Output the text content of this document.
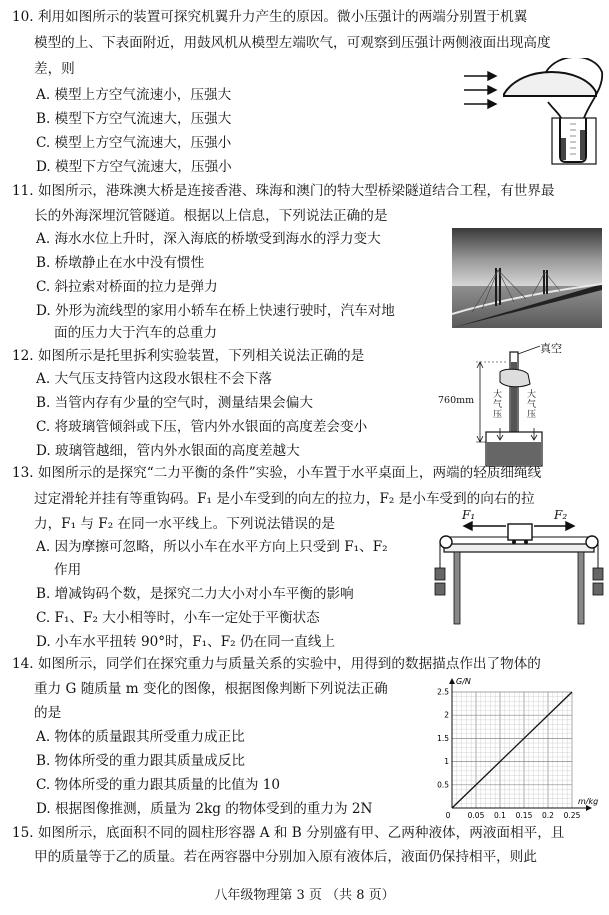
10. 利用如图所示的装置可探究机翼升力产生的原因。微小压强计的两端分别置于机翼
模型的上、下表面附近，用鼓风机从模型左端吹气，可观察到压强计两侧液面出现高度
差，则
A. 模型上方空气流速小，压强大
B. 模型下方空气流速大，压强大
C. 模型上方空气流速大，压强小
D. 模型下方空气流速大，压强小
11. 如图所示，港珠澳大桥是连接香港、珠海和澳门的特大型桥梁隧道结合工程，有世界最
长的外海深埋沉管隧道。根据以上信息，下列说法正确的是
A. 海水水位上升时，深入海底的桥墩受到海水的浮力变大
B. 桥墩静止在水中没有惯性
C. 斜拉索对桥面的拉力是弹力
D. 外形为流线型的家用小轿车在桥上快速行驶时，汽车对地
面的压力大于汽车的总重力
12. 如图所示是托里拆利实验装置，下列相关说法正确的是
A. 大气压支持管内这段水银柱不会下落
B. 当管内存有少量的空气时，测量结果会偏大
C. 将玻璃管倾斜或下压，管内外水银面的高度差会变小
D. 玻璃管越细，管内外水银面的高度差越大
真空
760mm 大气压
大气压
13. 如图所示的是探究“二力平衡的条件”实验，小车置于水平桌面上，两端的轻质细绳线
过定滑轮并挂有等重钩码。F₁ 是小车受到的向左的拉力，F₂ 是小车受到的向右的拉
力，F₁ 与 F₂ 在同一水平线上。下列说法错误的是
A. 因为摩擦可忽略，所以小车在水平方向上只受到 F₁、F₂
作用
B. 增减钩码个数，是探究二力大小对小车平衡的影响
C. F₁、F₂ 大小相等时，小车一定处于平衡状态
D. 小车水平扭转 90°时，F₁、F₂ 仍在同一直线上
F₁	F₂
14. 如图所示，同学们在探究重力与质量关系的实验中，用得到的数据描点作出了物体的
重力 G 随质量 m 变化的图像，根据图像判断下列说法正确
的是
A. 物体的质量跟其所受重力成正比
B. 物体所受的重力跟其质量成反比
C. 物体所受的重力跟其质量的比值为 10
D. 根据图像推测，质量为 2kg 的物体受到的重力为 2N	0 0.05 0.1 0.15 0.2 0.25
0.5
1
1.5
2
2.5
G/N
m/kg
15. 如图所示，底面积不同的圆柱形容器 A 和 B 分别盛有甲、乙两种液体，两液面相平，且
甲的质量等于乙的质量。若在两容器中分别加入原有液体后，液面仍保持相平，则此
八年级物理第 3 页 （共 8 页）
